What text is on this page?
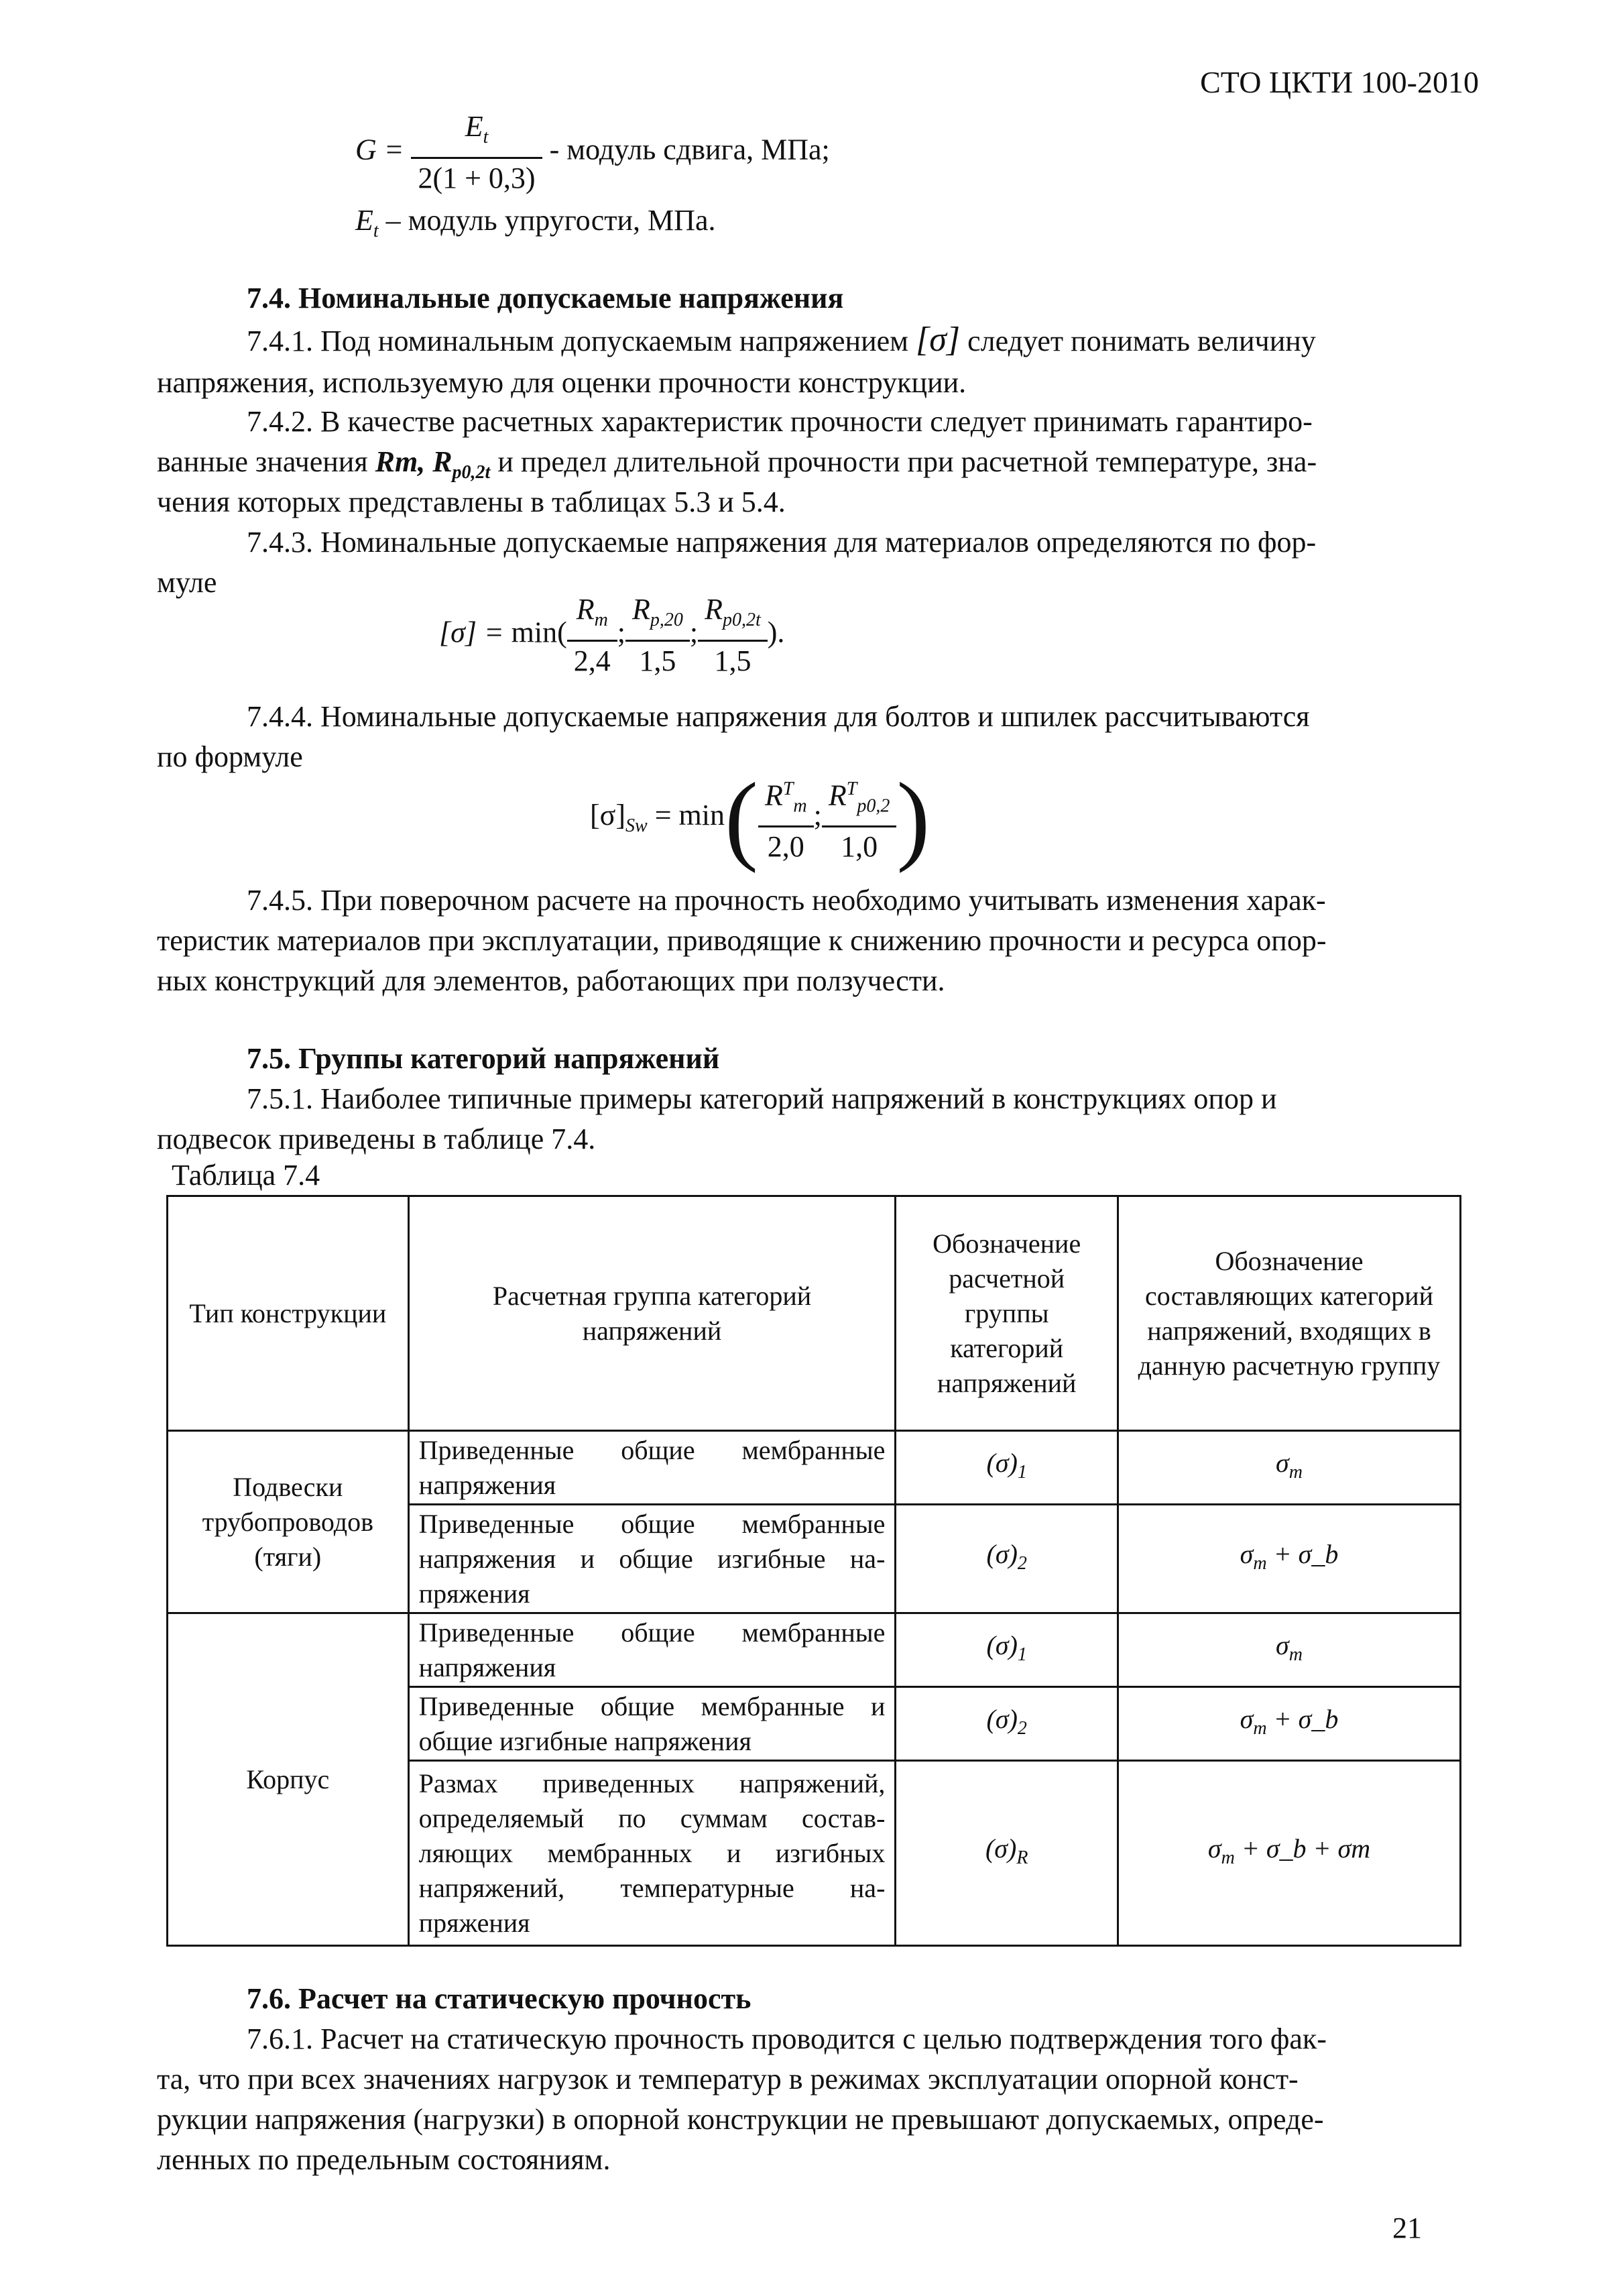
СТО ЦКТИ 100-2010
$G = \frac{E_t}{2(1 + 0,3)}$ - модуль сдвига, МПа;
$E_t$ – модуль упругости, МПа.
7.4. Номинальные допускаемые напряжения
7.4.1. Под номинальным допускаемым напряжением [σ] следует понимать величину
напряжения, используемую для оценки прочности конструкции.
7.4.2. В качестве расчетных характеристик прочности следует принимать гарантиро-
ванные значения Rm, $R_{p0,2t}$ и предел длительной прочности при расчетной температуре, зна-
чения которых представлены в таблицах 5.3 и 5.4.
7.4.3. Номинальные допускаемые напряжения для материалов определяются по фор-
муле
$[\sigma] = \min( \frac{R_m}{2,4}$ ; $\frac{R_{p,20}}{1,5}$ ; $\frac{R_{p0,2t}}{1,5}$ ).
7.4.4. Номинальные допускаемые напряжения для болтов и шпилек рассчитываются
по формуле
$[\sigma]_{Sw} = \min( \frac{R^T_m}{2,0}$ ; $\frac{R^T_{p0,2}}{1,0}$ )
7.4.5. При поверочном расчете на прочность необходимо учитывать изменения харак-
теристик материалов при эксплуатации, приводящие к снижению прочности и ресурса опор-
ных конструкций для элементов, работающих при ползучести.
7.5. Группы категорий напряжений
7.5.1. Наиболее типичные примеры категорий напряжений в конструкциях опор и
подвесок приведены в таблице 7.4.
Таблица 7.4
Тип конструкции	Расчетная группа категорий напряжений	Обозначение расчетной группы категорий напряжений	Обозначение составляющих категорий напряжений, входящих в данную расчетную группу
Подвески трубопроводов (тяги)	Приведенные общие мембранные напряжения	$(\sigma)_1$	$\sigma_m$
	Приведенные общие мембранные напряжения и общие изгибные на-пряжения	$(\sigma)_2$	$\sigma_m$ + σ_b
Корпус	Приведенные общие мембранные напряжения	$(\sigma)_1$	$\sigma_m$
	Приведенные общие мембранные и общие изгибные напряжения	$(\sigma)_2$	$\sigma_m$ + σ_b
	Размах приведенных напряжений, определяемый по суммам состав-ляющих мембранных и изгибных напряжений, температурные на-пряжения	$(\sigma)_R$	$\sigma_m$ + σ_b + σт
7.6. Расчет на статическую прочность
7.6.1. Расчет на статическую прочность проводится с целью подтверждения того фак-
та, что при всех значениях нагрузок и температур в режимах эксплуатации опорной конст-
рукции напряжения (нагрузки) в опорной конструкции не превышают допускаемых, опреде-
ленных по предельным состояниям.
21
